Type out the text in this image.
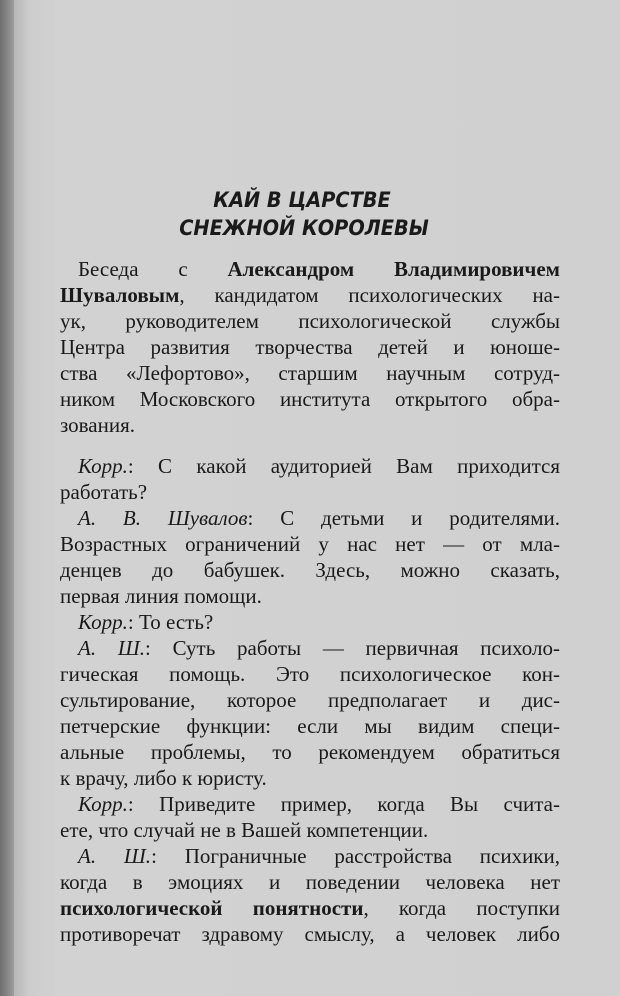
КАЙ В ЦАРСТВЕ
СНЕЖНОЙ КОРОЛЕВЫ
Беседа с Александром Владимировичем
Шуваловым, кандидатом психологических на-
ук, руководителем психологической службы
Центра развития творчества детей и юноше-
ства «Лефортово», старшим научным сотруд-
ником Московского института открытого обра-
зования.
Корр.: С какой аудиторией Вам приходится
работать?
А. В. Шувалов: С детьми и родителями.
Возрастных ограничений у нас нет — от мла-
денцев до бабушек. Здесь, можно сказать,
первая линия помощи.
Корр.: То есть?
А. Ш.: Суть работы — первичная психоло-
гическая помощь. Это психологическое кон-
сультирование, которое предполагает и дис-
петчерские функции: если мы видим специ-
альные проблемы, то рекомендуем обратиться
к врачу, либо к юристу.
Корр.: Приведите пример, когда Вы счита-
ете, что случай не в Вашей компетенции.
А. Ш.: Пограничные расстройства психики,
когда в эмоциях и поведении человека нет
психологической понятности, когда поступки
противоречат здравому смыслу, а человек либо
